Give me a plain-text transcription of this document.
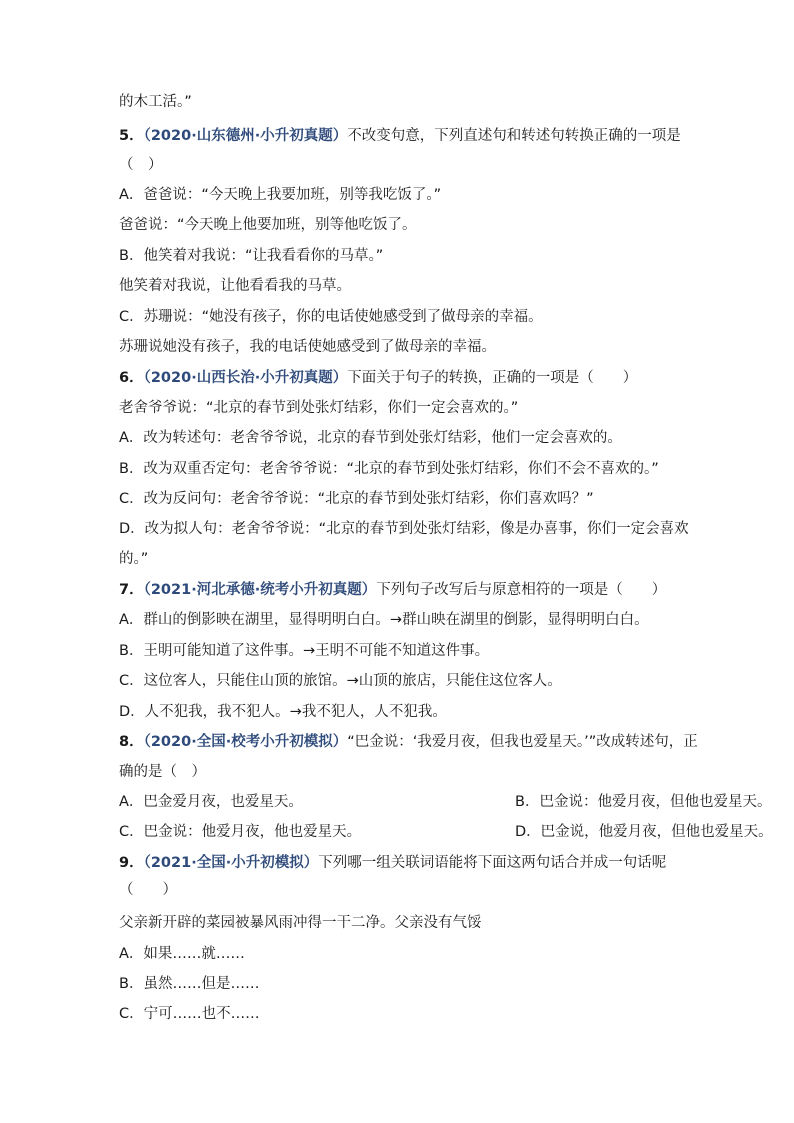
的木工活。”
5．（2020·山东德州·小升初真题）不改变句意，下列直述句和转述句转换正确的一项是
（　）
A．爸爸说：“今天晚上我要加班，别等我吃饭了。”
爸爸说：“今天晚上他要加班，别等他吃饭了。
B．他笑着对我说：“让我看看你的马草。”
他笑着对我说，让他看看我的马草。
C．苏珊说：“她没有孩子，你的电话使她感受到了做母亲的幸福。
苏珊说她没有孩子，我的电话使她感受到了做母亲的幸福。
6．（2020·山西长治·小升初真题）下面关于句子的转换，正确的一项是（　　）
老舍爷爷说：“北京的春节到处张灯结彩，你们一定会喜欢的。”
A．改为转述句：老舍爷爷说，北京的春节到处张灯结彩，他们一定会喜欢的。
B．改为双重否定句：老舍爷爷说：“北京的春节到处张灯结彩，你们不会不喜欢的。”
C．改为反问句：老舍爷爷说：“北京的春节到处张灯结彩，你们喜欢吗？”
D．改为拟人句：老舍爷爷说：“北京的春节到处张灯结彩，像是办喜事，你们一定会喜欢
的。”
7．（2021·河北承德·统考小升初真题）下列句子改写后与原意相符的一项是（　　）
A．群山的倒影映在湖里，显得明明白白。→群山映在湖里的倒影，显得明明白白。
B．王明可能知道了这件事。→王明不可能不知道这件事。
C．这位客人，只能住山顶的旅馆。→山顶的旅店，只能住这位客人。
D．人不犯我，我不犯人。→我不犯人，人不犯我。
8．（2020·全国·校考小升初模拟）“巴金说：‘我爱月夜，但我也爱星天。’”改成转述句，正
确的是（　）
A．巴金爱月夜，也爱星天。	B．巴金说：他爱月夜，但他也爱星天。
C．巴金说：他爱月夜，他也爱星天。	D．巴金说，他爱月夜，但他也爱星天。
9．（2021·全国·小升初模拟）下列哪一组关联词语能将下面这两句话合并成一句话呢
（　　）
父亲新开辟的菜园被暴风雨冲得一干二净。父亲没有气馁
A．如果……就……
B．虽然……但是……
C．宁可……也不……
